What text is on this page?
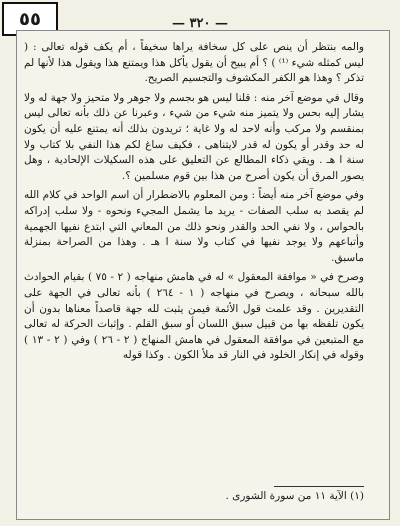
٥٥	— ٣٢٠ —

والمه بنتظر أن ينص على كل سخافة يراها سخيفاً ، أم يكف قوله تعالى : ( ليس كمثله شيء ⁽¹⁾ ) ؟ أم يبيح أن يقول يأكل هذا ويمتنع هذا ويقول هذا لأنها لم تذكر ؟ وهذا هو الكفر المكشوف والتجسيم الصريح.

وقال في موضع آخر منه : قلنا ليس هو بجسم ولا جوهر ولا متحيز ولا جهة له ولا يشار إليه بحس ولا يتميز منه شيء من شيء ، وعبرنا عن ذلك بأنه تعالى ليس بمنقسم ولا مركب وأنه لاحد له ولا غاية ؛ تريدون بذلك أنه يمتنع عليه أن يكون له حد وقدر أو يكون له قدر لايتناهى ، فكيف ساغ لكم هذا النفي بلا كتاب ولا سنة ا هـ . ويقي ذكاء المطالع عن التعليق على هذه السكيلات الإلحادية ، وهل يصور المرق أن يكون أصرح من هذا بين قوم مسلمين ؟.

وفي موضع آخر منه أيضاً : ومن المعلوم بالاضطرار أن اسم الواحد في كلام الله لم يقصد به سلب الصفات - يريد ما يشمل المجيء ونحوه - ولا سلب إدراكه بالحواس ، ولا نفي الحد والقدر ونحو ذلك من المعاني التي ابتدع نفيها الجهمية وأتباعهم ولا يوجد نفيها في كتاب ولا سنة ا هـ . وهذا من الصراحة بمنزلة ماسبق.

وصرح في « موافقة المعقول » له في هامش منهاجه ( ٢ - ٧٥ ) بقيام الحوادث بالله سبحانه ، ويصرح في منهاجه ( ١ - ٢٦٤ ) بأنه تعالى في الجهة على التقديرين . وقد علمت قول الأئمة فيمن يثبت لله جهة قاصداً معناها بدون أن يكون تلفظه بها من قبيل سبق اللسان أو سبق القلم . وإثبات الحركة له تعالى مع المتبعين في موافقة المعقول في هامش المنهاج ( ٢ - ٢٦ ) وفي ( ٢ - ١٣ ) وقوله في إنكار الخلود في النار قد ملأ الكون . وكذا قوله

(١) الآية ١١ من سورة الشورى .
